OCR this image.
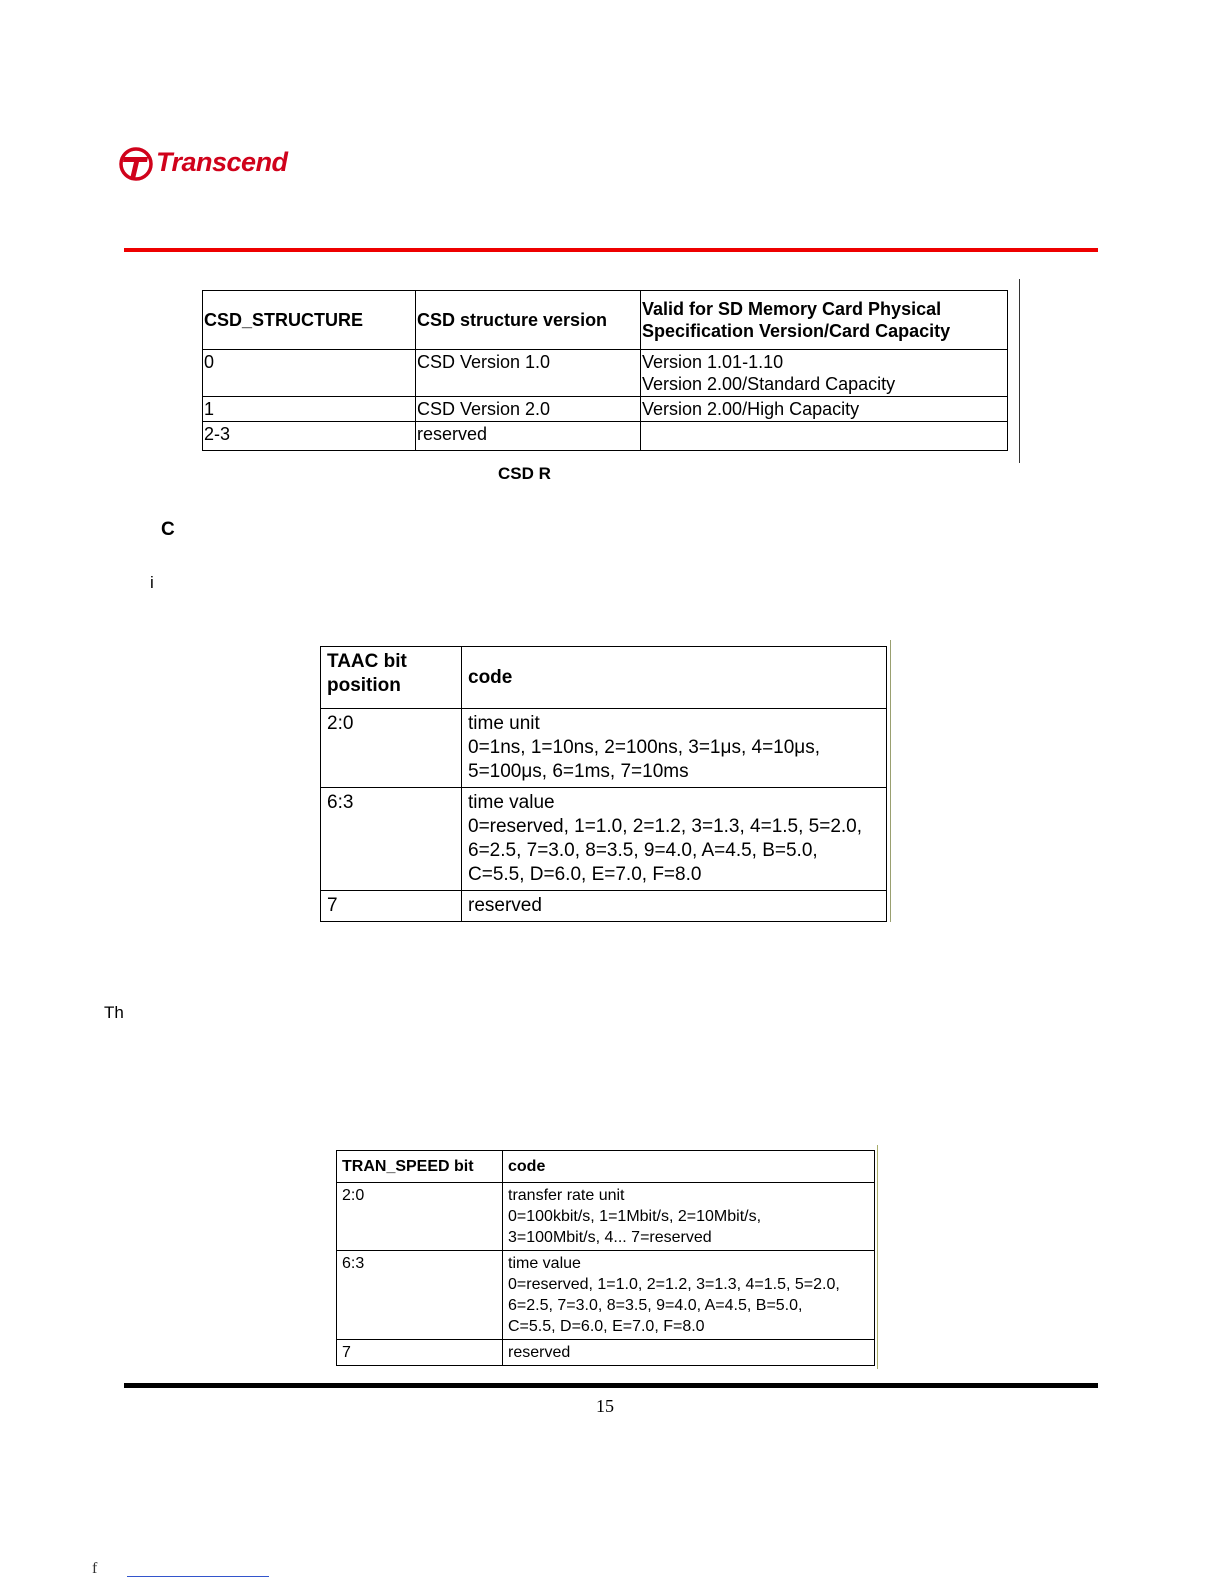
Transcend
CSD_STRUCTURE	CSD structure version	Valid for SD Memory Card Physical Specification Version/Card Capacity
0	CSD Version 1.0	Version 1.01-1.10
Version 2.00/Standard Capacity
1	CSD Version 2.0	Version 2.00/High Capacity
2-3	reserved	
CSD R
C
i
TAAC bit position	code
2:0	time unit
0=1ns, 1=10ns, 2=100ns, 3=1μs, 4=10μs,
5=100μs, 6=1ms, 7=10ms
6:3	time value
0=reserved, 1=1.0, 2=1.2, 3=1.3, 4=1.5, 5=2.0,
6=2.5, 7=3.0, 8=3.5, 9=4.0, A=4.5, B=5.0,
C=5.5, D=6.0, E=7.0, F=8.0
7	reserved
Th
TRAN_SPEED bit	code
2:0	transfer rate unit
0=100kbit/s, 1=1Mbit/s, 2=10Mbit/s,
3=100Mbit/s, 4... 7=reserved
6:3	time value
0=reserved, 1=1.0, 2=1.2, 3=1.3, 4=1.5, 5=2.0,
6=2.5, 7=3.0, 8=3.5, 9=4.0, A=4.5, B=5.0,
C=5.5, D=6.0, E=7.0, F=8.0
7	reserved
15
f
